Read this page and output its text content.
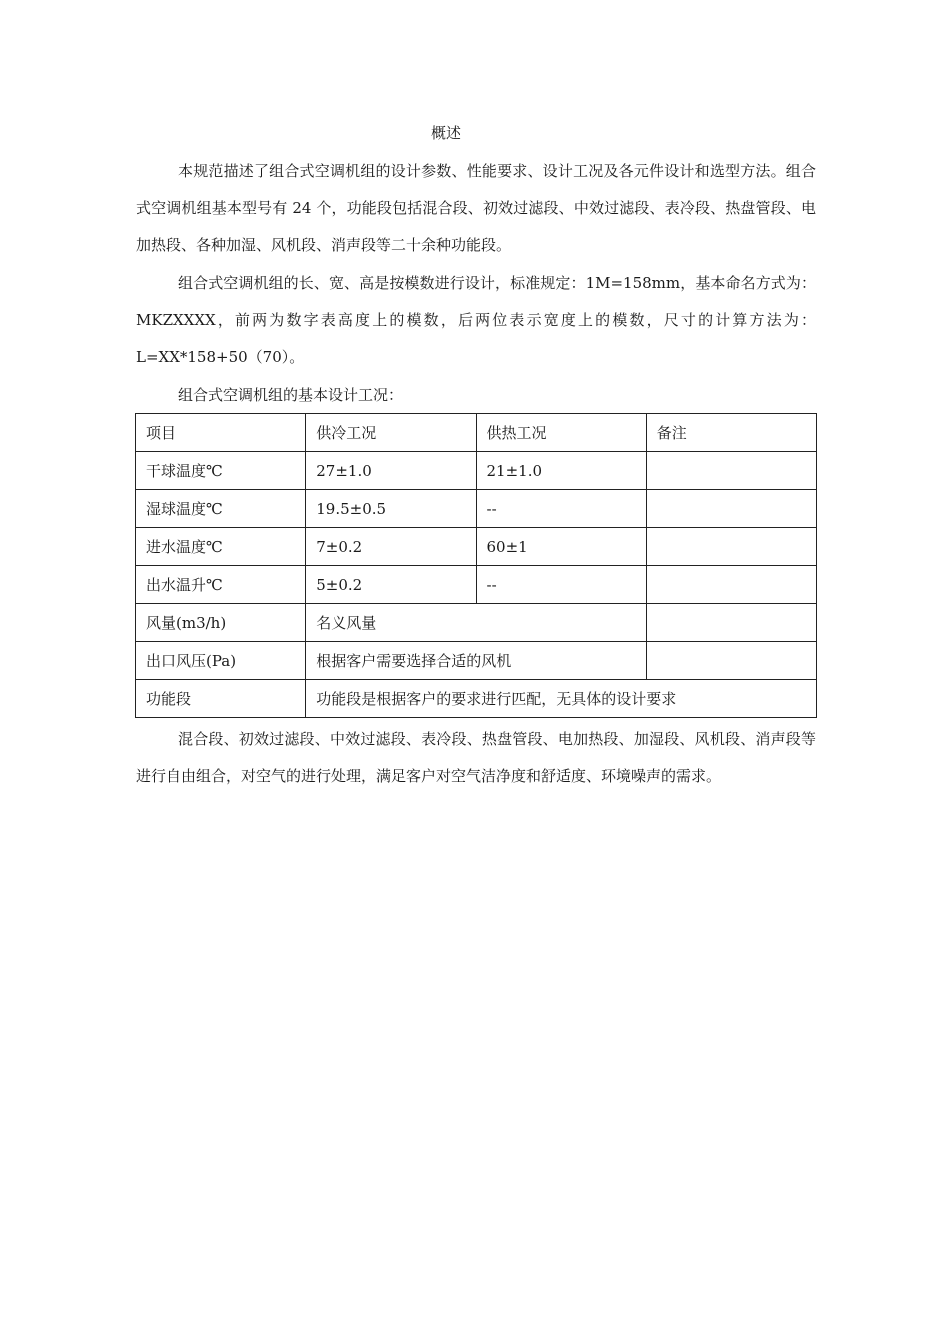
概述

本规范描述了组合式空调机组的设计参数、性能要求、设计工况及各元件设计和选型方法。组合式空调机组基本型号有 24 个，功能段包括混合段、初效过滤段、中效过滤段、表冷段、热盘管段、电加热段、各种加湿、风机段、消声段等二十余种功能段。

组合式空调机组的长、宽、高是按模数进行设计，标准规定：1M=158mm，基本命名方式为：MKZXXXX，前两为数字表高度上的模数，后两位表示宽度上的模数，尺寸的计算方法为：L=XX*158+50（70）。

组合式空调机组的基本设计工况：

项目	供冷工况	供热工况	备注
干球温度℃	27±1.0	21±1.0	
湿球温度℃	19.5±0.5	--	
进水温度℃	7±0.2	60±1	
出水温升℃	5±0.2	--	
风量(m3/h)	名义风量		
出口风压(Pa)	根据客户需要选择合适的风机		
功能段	功能段是根据客户的要求进行匹配，无具体的设计要求		

混合段、初效过滤段、中效过滤段、表冷段、热盘管段、电加热段、加湿段、风机段、消声段等进行自由组合，对空气的进行处理，满足客户对空气洁净度和舒适度、环境噪声的需求。
